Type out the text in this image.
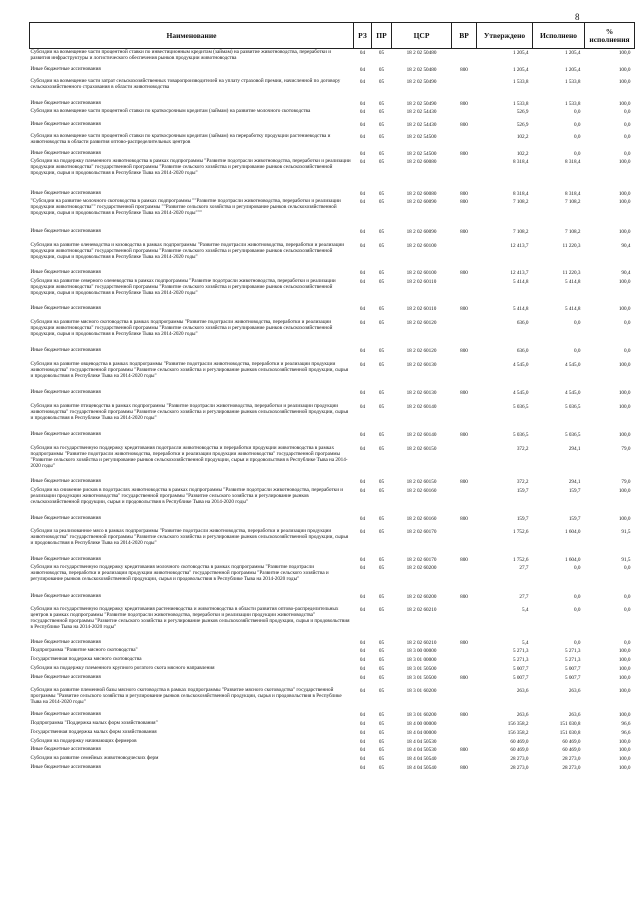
8
Наименование	РЗ	ПР	ЦСР	ВР	Утверждено	Исполнено	% исполнения
Субсидии на возмещение части процентной ставки по инвестиционным кредитам (займам) на развитие животноводства, переработки и развития инфраструктуры и логистического обеспечения рынков продукции животноводства	04	05	18 2 02 50480		1 205,4	1 205,4	100,0
Иные бюджетные ассигнования	04	05	18 2 02 50480	800	1 205,4	1 205,4	100,0
Субсидии на возмещение части затрат сельскохозяйственных товаропроизводителей на уплату страховой премии, начисленной по договору сельскохозяйственного страхования в области животноводства	04	05	18 2 02 50490		1 533,8	1 533,8	100,0
Иные бюджетные ассигнования	04	05	18 2 02 50490	800	1 533,8	1 533,8	100,0
Субсидии на возмещение части процентной ставки по краткосрочным кредитам (займам) на развитие молочного скотоводства	04	05	18 2 02 54430		526,9	0,0	0,0
Иные бюджетные ассигнования	04	05	18 2 02 54430	800	526,9	0,0	0,0
Субсидии на возмещение части процентной ставки по краткосрочным кредитам (займам) на переработку продукции растениеводства и животноводства в области развития оптово-распределительных центров	04	05	18 2 02 54500		102,2	0,0	0,0
Иные бюджетные ассигнования	04	05	18 2 02 54500	800	102,2	0,0	0,0
Субсидии на поддержку племенного животноводства в рамках подпрограммы "Развитие подотрасли животноводства, переработки и реализации продукции животноводства" государственной программы "Развитие сельского хозяйства и регулирование рынков сельскохозяйственной продукции, сырья и продовольствия в Республике Тыва на 2014-2020 годы"	04	05	18 2 02 60080		8 318,4	8 318,4	100,0
Иные бюджетные ассигнования	04	05	18 2 02 60080	800	8 318,4	8 318,4	100,0
"Субсидии на развитие молочного скотоводства в рамках подпрограммы ""Развитие подотрасли животноводства, переработки и реализации продукции животноводства"" государственной программы ""Развитие сельского хозяйства и регулирование рынков сельскохозяйственной продукции, сырья и продовольствия в Республике Тыва на 2014-2020 годы"""	04	05	18 2 02 60090	800	7 108,2	7 108,2	100,0
Иные бюджетные ассигнования	04	05	18 2 02 60090	800	7 108,2	7 108,2	100,0
Субсидии на развитие оленеводства и козоводства в рамках подпрограммы "Развитие подотрасли животноводства, переработки и реализации продукции животноводства" государственной программы "Развитие сельского хозяйства и регулирование рынков сельскохозяйственной продукции, сырья и продовольствия в Республике Тыва на 2014-2020 годы"	04	05	18 2 02 60100		12 413,7	11 220,3	90,4
Иные бюджетные ассигнования	04	05	18 2 02 60100	800	12 413,7	11 220,3	90,4
Субсидии на развитие северного оленеводства в рамках подпрограммы "Развитие подотрасли животноводства, переработки и реализации продукции животноводства" государственной программы "Развитие сельского хозяйства и регулирование рынков сельскохозяйственной продукции, сырья и продовольствия в Республике Тыва на 2014-2020 годы"	04	05	18 2 02 60110		5 414,8	5 414,8	100,0
Иные бюджетные ассигнования	04	05	18 2 02 60110	800	5 414,8	5 414,8	100,0
Субсидии на развитие мясного скотоводства в рамках подпрограммы "Развитие подотрасли животноводства, переработки и реализации продукции животноводства" государственной программы "Развитие сельского хозяйства и регулирование рынков сельскохозяйственной продукции, сырья и продовольствия в Республике Тыва на 2014-2020 годы"	04	05	18 2 02 60120		636,0	0,0	0,0
Иные бюджетные ассигнования	04	05	18 2 02 60120	800	636,0	0,0	0,0
Субсидии на развитие овцеводства в рамках подпрограммы "Развитие подотрасли животноводства, переработки и реализации продукции животноводства" государственной программы "Развитие сельского хозяйства и регулирование рынков сельскохозяйственной продукции, сырья и продовольствия в Республике Тыва на 2014-2020 годы"	04	05	18 2 02 60130		4 545,0	4 545,0	100,0
Иные бюджетные ассигнования	04	05	18 2 02 60130	800	4 545,0	4 545,0	100,0
Субсидии на развитие птицеводства в рамках подпрограммы "Развитие подотрасли животноводства, переработки и реализации продукции животноводства" государственной программы "Развитие сельского хозяйства и регулирование рынков сельскохозяйственной продукции, сырья и продовольствия в Республике Тыва на 2014-2020 годы"	04	05	18 2 02 60140		5 036,5	5 036,5	100,0
Иные бюджетные ассигнования	04	05	18 2 02 60140	800	5 036,5	5 036,5	100,0
Субсидии на государственную поддержку кредитования подотрасли животноводства и переработки продукции животноводства в рамках подпрограммы "Развитие подотрасли животноводства, переработки и реализации продукции животноводства" государственной программы "Развитие сельского хозяйства и регулирование рынков сельскохозяйственной продукции, сырья и продовольствия в Республике Тыва на 2014-2020 годы"	04	05	18 2 02 60150		372,2	294,1	79,0
Иные бюджетные ассигнования	04	05	18 2 02 60150	800	372,2	294,1	79,0
Субсидии на снижение рисков в подотраслях животноводства в рамках подпрограммы "Развитие подотрасли животноводства, переработки и реализации продукции животноводства" государственной программы "Развитие сельского хозяйства и регулирование рынков сельскохозяйственной продукции, сырья и продовольствия в Республике Тыва на 2014-2020 годы"	04	05	18 2 02 60160		159,7	159,7	100,0
Иные бюджетные ассигнования	04	05	18 2 02 60160	800	159,7	159,7	100,0
Субсидии за реализованное мясо в рамках подпрограммы "Развитие подотрасли животноводства, переработки и реализации продукции животноводства" государственной программы "Развитие сельского хозяйства и регулирование рынков сельскохозяйственной продукции, сырья и продовольствия в Республике Тыва на 2014-2020 годы"	04	05	18 2 02 60170		1 752,6	1 604,0	91,5
Иные бюджетные ассигнования	04	05	18 2 02 60170	800	1 752,6	1 604,0	91,5
Субсидии на государственную поддержку кредитования молочного скотоводства в рамках подпрограммы "Развитие подотрасли животноводства, переработки и реализации продукции животноводства" государственной программы "Развитие сельского хозяйства и регулирование рынков сельскохозяйственной продукции, сырья и продовольствия в Республике Тыва на 2014-2020 годы"	04	05	18 2 02 60200		27,7	0,0	0,0
Иные бюджетные ассигнования	04	05	18 2 02 60200	800	27,7	0,0	0,0
Субсидии на государственную поддержку кредитования растениеводства и животноводства в области развития оптово-распределительных центров в рамках подпрограммы "Развитие подотрасли животноводства, переработки и реализации продукции животноводства" государственной программы "Развитие сельского хозяйства и регулирование рынков сельскохозяйственной продукции, сырья и продовольствия в Республике Тыва на 2014-2020 годы"	04	05	18 2 02 60210		5,4	0,0	0,0
Иные бюджетные ассигнования	04	05	18 2 02 60210	800	5,4	0,0	0,0
Подпрограмма "Развитие мясного скотоводства"	04	05	18 3 00 00000		5 271,3	5 271,3	100,0
Государственная поддержка мясного скотоводства	04	05	18 3 01 00000		5 271,3	5 271,3	100,0
Субсидии на поддержку племенного крупного рогатого скота мясного направления	04	05	18 3 01 50500		5 007,7	5 007,7	100,0
Иные бюджетные ассигнования	04	05	18 3 01 50500	800	5 007,7	5 007,7	100,0
Субсидии на развитие племенной базы мясного скотоводства в рамках подпрограммы "Развитие мясного скотоводства" государственной программы "Развитие сельского хозяйства и регулирование рынков сельскохозяйственной продукции, сырья и продовольствия в Республике Тыва на 2014-2020 годы"	04	05	18 3 01 60200		263,6	263,6	100,0
Иные бюджетные ассигнования	04	05	18 3 01 60200	800	263,6	263,6	100,0
Подпрограмма "Поддержка малых форм хозяйствования"	04	05	18 4 00 00000		156 358,2	151 030,8	96,6
Государственная поддержка малых форм хозяйствования	04	05	18 4 04 00000		156 358,2	151 030,8	96,6
Субсидии на поддержку начинающих фермеров	04	05	18 4 04 50530		60 469,0	60 469,0	100,0
Иные бюджетные ассигнования	04	05	18 4 04 50530	800	60 469,0	60 469,0	100,0
Субсидии на развитие семейных животноводческих ферм	04	05	18 4 04 50540		28 273,0	28 273,0	100,0
Иные бюджетные ассигнования	04	05	18 4 04 50540	800	28 273,0	28 273,0	100,0
